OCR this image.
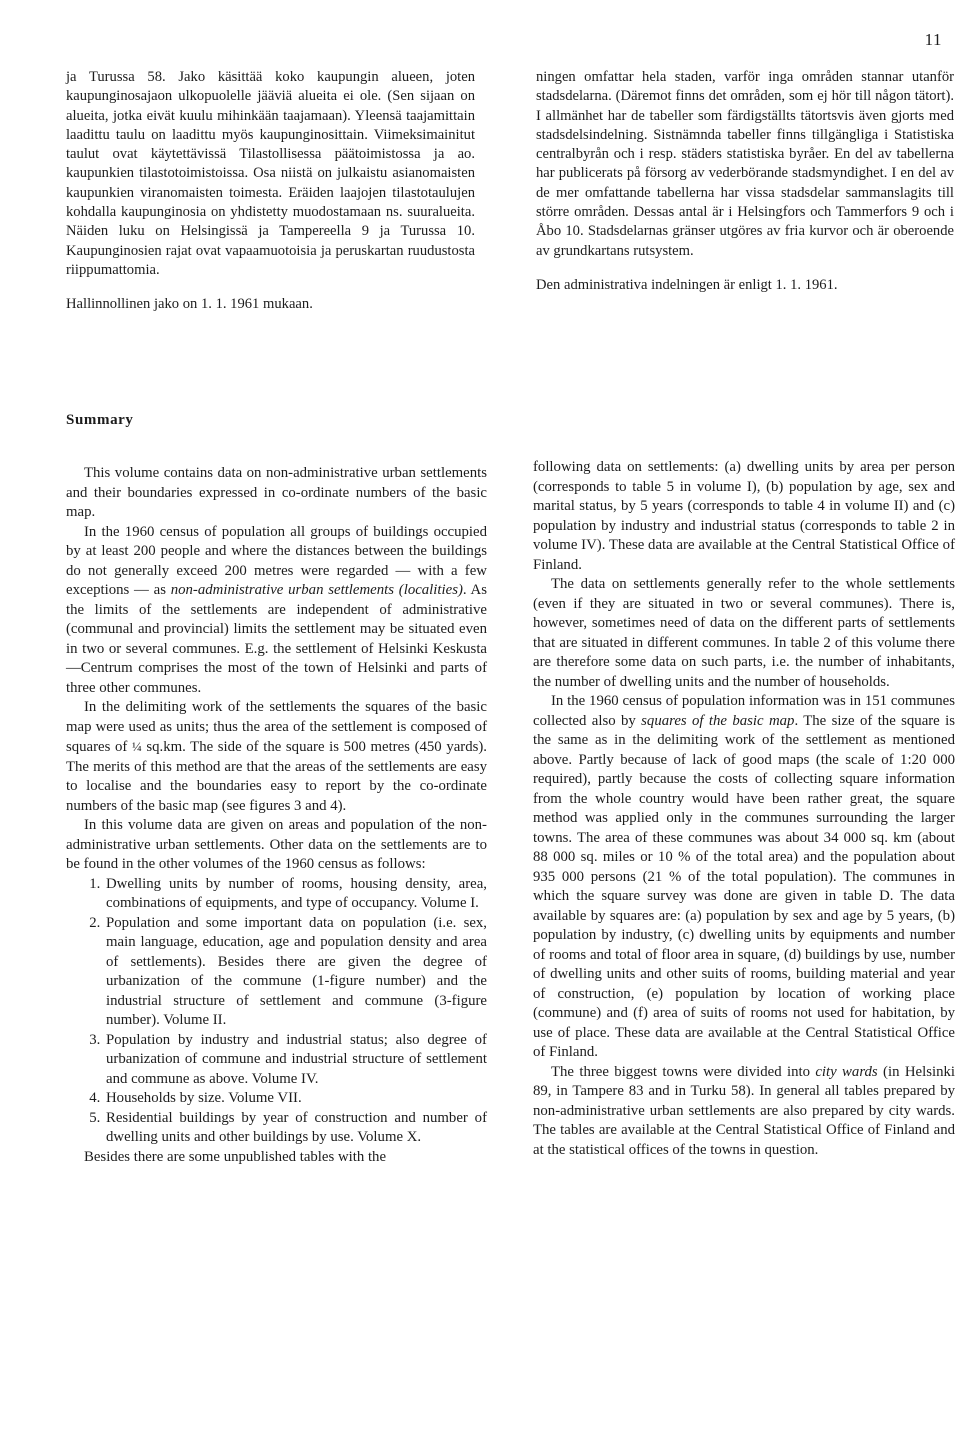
11

ja Turussa 58. Jako käsittää koko kaupungin alueen, joten kaupunginosajaon ulkopuolelle jääviä alueita ei ole. (Sen sijaan on alueita, jotka eivät kuulu mihinkään taajamaan). Yleensä taajamittain laadittu taulu on laadittu myös kaupunginosittain. Viimeksimainitut taulut ovat käytettävissä Tilastollisessa päätoimistossa ja ao. kaupunkien tilastotoimistoissa. Osa niistä on julkaistu asianomaisten kaupunkien viranomaisten toimesta. Eräiden laajojen tilastotaulujen kohdalla kaupunginosia on yhdistetty muodostamaan ns. suuralueita. Näiden luku on Helsingissä ja Tampereella 9 ja Turussa 10. Kaupunginosien rajat ovat vapaamuotoisia ja peruskartan ruudustosta riippumattomia.

Hallinnollinen jako on 1. 1. 1961 mukaan.

ningen omfattar hela staden, varför inga områden stannar utanför stadsdelarna. (Däremot finns det områden, som ej hör till någon tätort). I allmänhet har de tabeller som färdigställts tätortsvis även gjorts med stadsdelsindelning. Sistnämnda tabeller finns tillgängliga i Statistiska centralbyrån och i resp. städers statistiska byråer. En del av tabellerna har publicerats på försorg av vederbörande stadsmyndighet. I en del av de mer omfattande tabellerna har vissa stadsdelar sammanslagits till större områden. Dessas antal är i Helsingfors och Tammerfors 9 och i Åbo 10. Stadsdelarnas gränser utgöres av fria kurvor och är oberoende av grundkartans rutsystem.

Den administrativa indelningen är enligt 1. 1. 1961.

Summary

This volume contains data on non-administrative urban settlements and their boundaries expressed in co-ordinate numbers of the basic map.

In the 1960 census of population all groups of buildings occupied by at least 200 people and where the distances between the buildings do not generally exceed 200 metres were regarded — with a few exceptions — as non-administrative urban settlements (localities). As the limits of the settlements are independent of administrative (communal and provincial) limits the settlement may be situated even in two or several communes. E.g. the settlement of Helsinki Keskusta—Centrum comprises the most of the town of Helsinki and parts of three other communes.

In the delimiting work of the settlements the squares of the basic map were used as units; thus the area of the settlement is composed of squares of ¼ sq.km. The side of the square is 500 metres (450 yards). The merits of this method are that the areas of the settlements are easy to localise and the boundaries easy to report by the co-ordinate numbers of the basic map (see figures 3 and 4).

In this volume data are given on areas and population of the non-administrative urban settlements. Other data on the settlements are to be found in the other volumes of the 1960 census as follows:

1. Dwelling units by number of rooms, housing density, area, combinations of equipments, and type of occupancy. Volume I.
2. Population and some important data on population (i.e. sex, main language, education, age and population density and area of settlements). Besides there are given the degree of urbanization of the commune (1-figure number) and the industrial structure of settlement and commune (3-figure number). Volume II.
3. Population by industry and industrial status; also degree of urbanization of commune and industrial structure of settlement and commune as above. Volume IV.
4. Households by size. Volume VII.
5. Residential buildings by year of construction and number of dwelling units and other buildings by use. Volume X.

Besides there are some unpublished tables with the

following data on settlements: (a) dwelling units by area per person (corresponds to table 5 in volume I), (b) population by age, sex and marital status, by 5 years (corresponds to table 4 in volume II) and (c) population by industry and industrial status (corresponds to table 2 in volume IV). These data are available at the Central Statistical Office of Finland.

The data on settlements generally refer to the whole settlements (even if they are situated in two or several communes). There is, however, sometimes need of data on the different parts of settlements that are situated in different communes. In table 2 of this volume there are therefore some data on such parts, i.e. the number of inhabitants, the number of dwelling units and the number of households.

In the 1960 census of population information was in 151 communes collected also by squares of the basic map. The size of the square is the same as in the delimiting work of the settlement as mentioned above. Partly because of lack of good maps (the scale of 1:20 000 required), partly because the costs of collecting square information from the whole country would have been rather great, the square method was applied only in the communes surrounding the larger towns. The area of these communes was about 34 000 sq. km (about 88 000 sq. miles or 10 % of the total area) and the population about 935 000 persons (21 % of the total population). The communes in which the square survey was done are given in table D. The data available by squares are: (a) population by sex and age by 5 years, (b) population by industry, (c) dwelling units by equipments and number of rooms and total of floor area in square, (d) buildings by use, number of dwelling units and other suits of rooms, building material and year of construction, (e) population by location of working place (commune) and (f) area of suits of rooms not used for habitation, by use of place. These data are available at the Central Statistical Office of Finland.

The three biggest towns were divided into city wards (in Helsinki 89, in Tampere 83 and in Turku 58). In general all tables prepared by non-administrative urban settlements are also prepared by city wards. The tables are available at the Central Statistical Office of Finland and at the statistical offices of the towns in question.
